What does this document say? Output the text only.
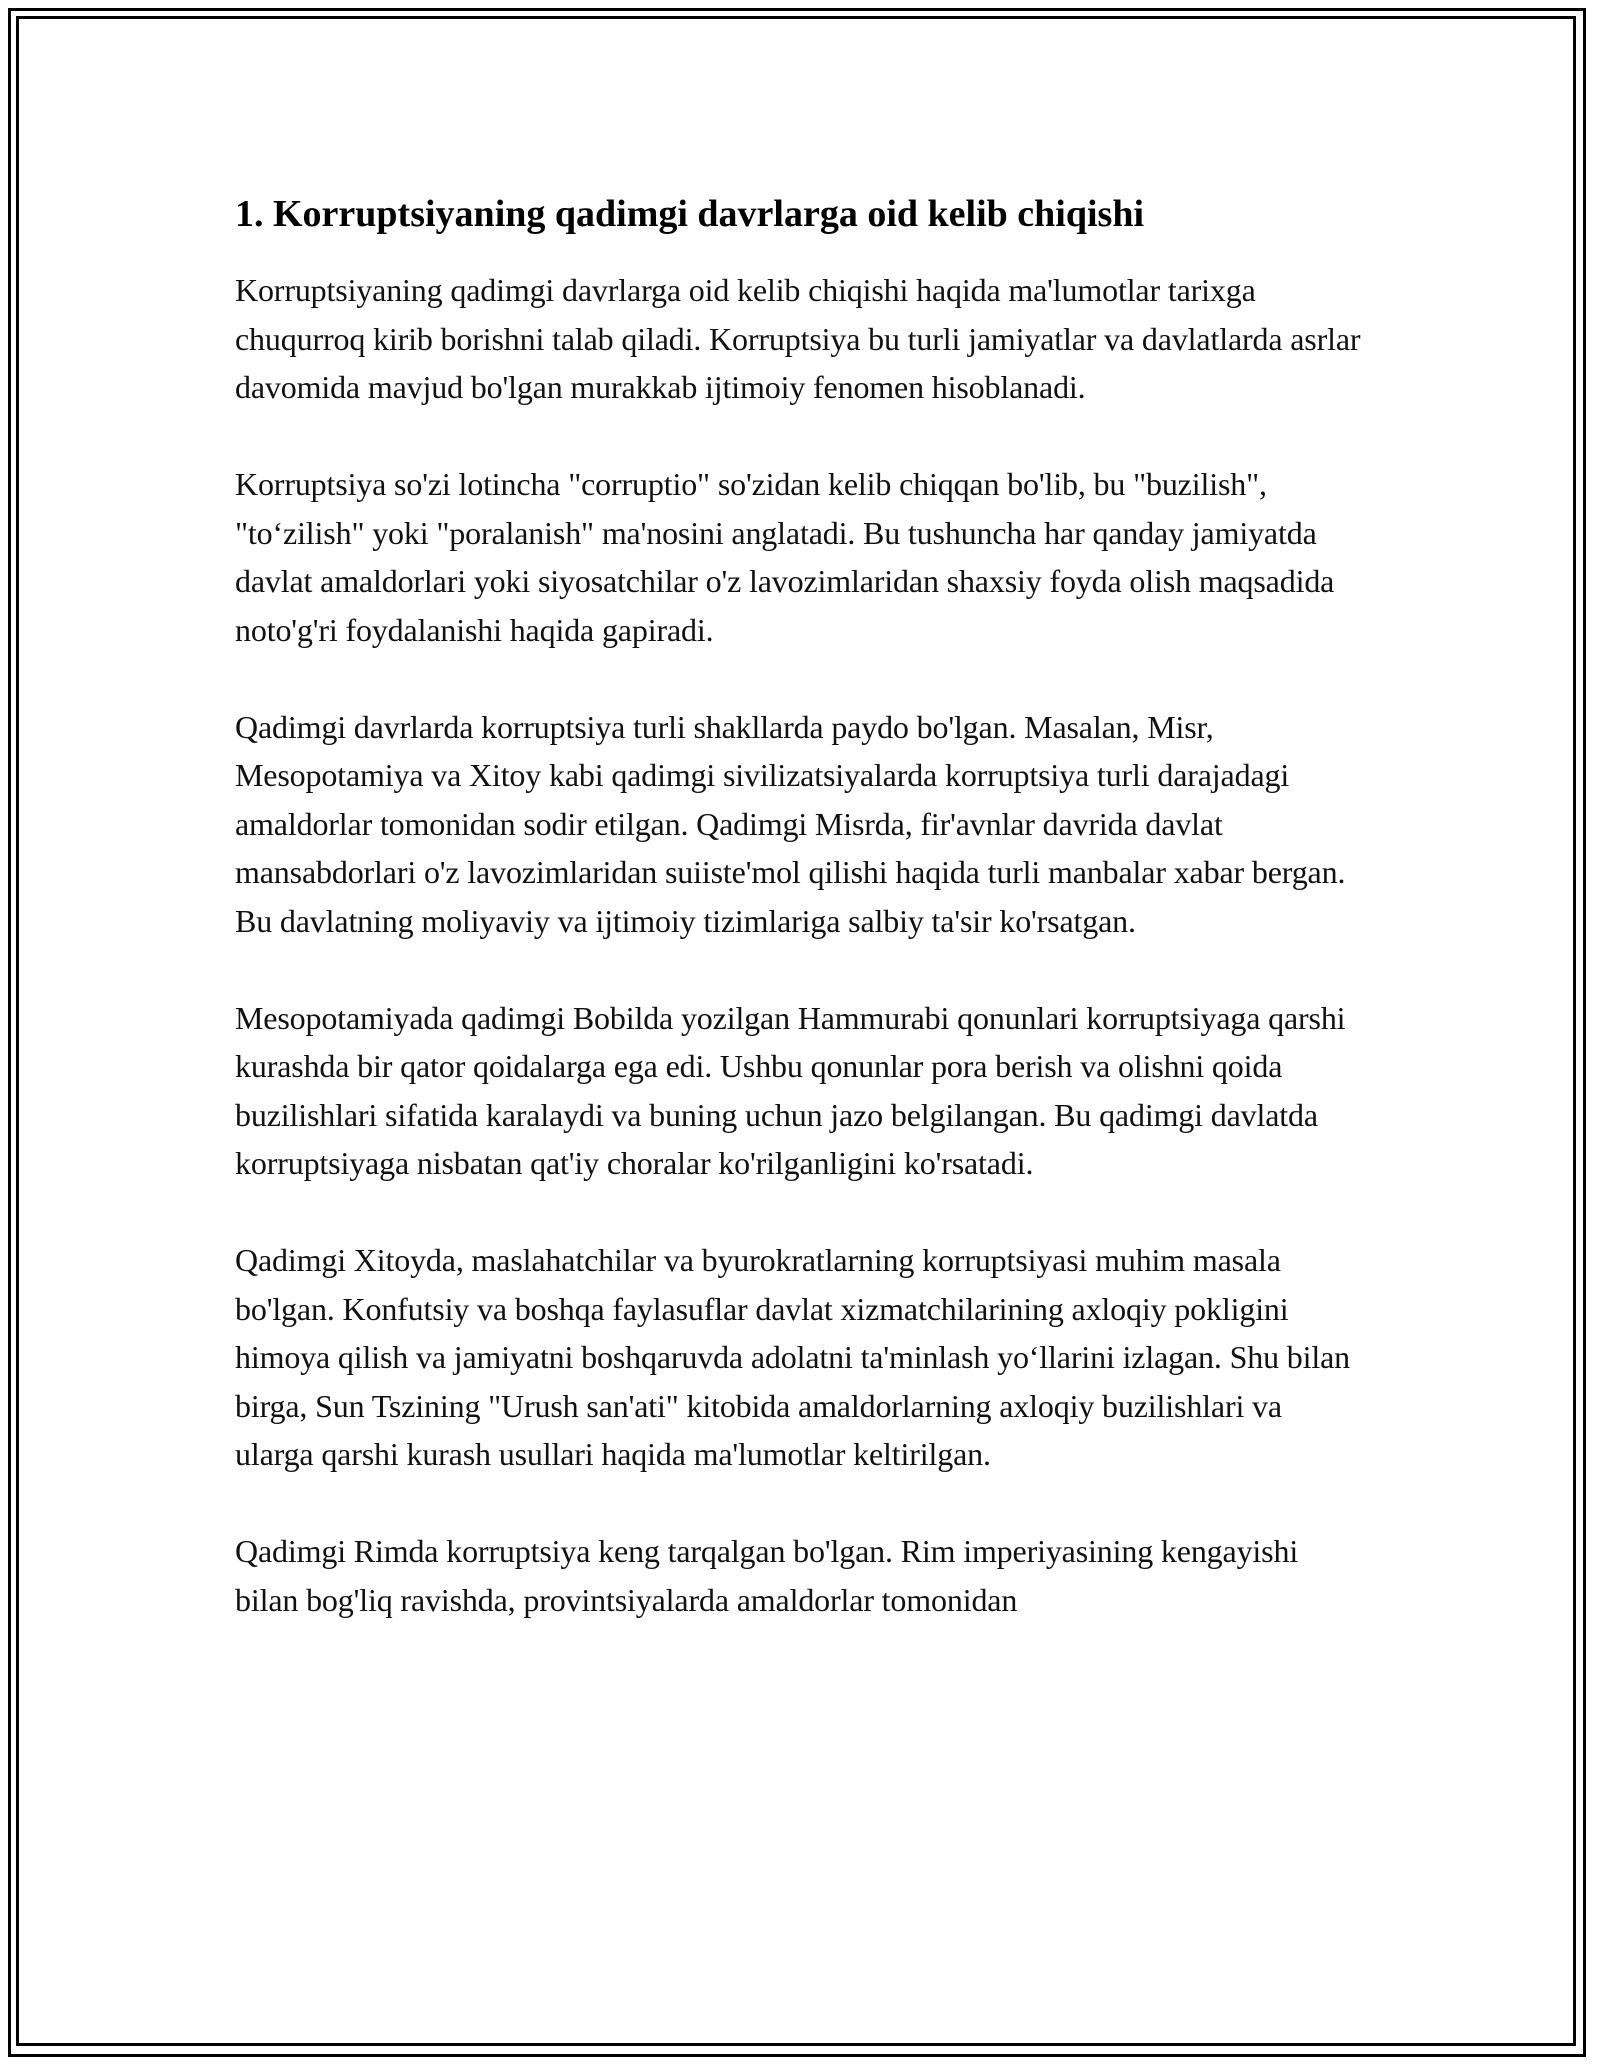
1. Korruptsiyaning qadimgi davrlarga oid kelib chiqishi

Korruptsiyaning qadimgi davrlarga oid kelib chiqishi haqida ma'lumotlar tarixga chuqurroq kirib borishni talab qiladi. Korruptsiya bu turli jamiyatlar va davlatlarda asrlar davomida mavjud bo'lgan murakkab ijtimoiy fenomen hisoblanadi.

Korruptsiya so'zi lotincha "corruptio" so'zidan kelib chiqqan bo'lib, bu "buzilish", "to‘zilish" yoki "poralanish" ma'nosini anglatadi. Bu tushuncha har qanday jamiyatda davlat amaldorlari yoki siyosatchilar o'z lavozimlaridan shaxsiy foyda olish maqsadida noto'g'ri foydalanishi haqida gapiradi.

Qadimgi davrlarda korruptsiya turli shakllarda paydo bo'lgan. Masalan, Misr, Mesopotamiya va Xitoy kabi qadimgi sivilizatsiyalarda korruptsiya turli darajadagi amaldorlar tomonidan sodir etilgan. Qadimgi Misrda, fir'avnlar davrida davlat mansabdorlari o'z lavozimlaridan suiiste'mol qilishi haqida turli manbalar xabar bergan. Bu davlatning moliyaviy va ijtimoiy tizimlariga salbiy ta'sir ko'rsatgan.

Mesopotamiyada qadimgi Bobilda yozilgan Hammurabi qonunlari korruptsiyaga qarshi kurashda bir qator qoidalarga ega edi. Ushbu qonunlar pora berish va olishni qoida buzilishlari sifatida karalaydi va buning uchun jazo belgilangan. Bu qadimgi davlatda korruptsiyaga nisbatan qat'iy choralar ko'rilganligini ko'rsatadi.

Qadimgi Xitoyda, maslahatchilar va byurokratlarning korruptsiyasi muhim masala bo'lgan. Konfutsiy va boshqa faylasuflar davlat xizmatchilarining axloqiy pokligini himoya qilish va jamiyatni boshqaruvda adolatni ta'minlash yo‘llarini izlagan. Shu bilan birga, Sun Tszining "Urush san'ati" kitobida amaldorlarning axloqiy buzilishlari va ularga qarshi kurash usullari haqida ma'lumotlar keltirilgan.

Qadimgi Rimda korruptsiya keng tarqalgan bo'lgan. Rim imperiyasining kengayishi bilan bog'liq ravishda, provintsiyalarda amaldorlar tomonidan
